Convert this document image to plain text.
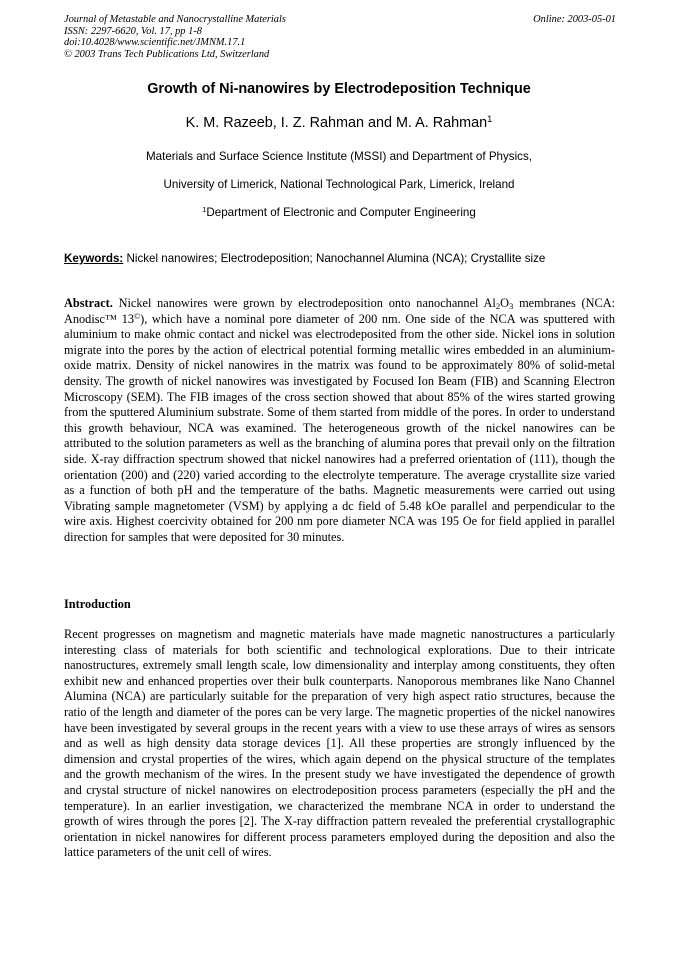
Journal of Metastable and Nanocrystalline Materials
ISSN: 2297-6620, Vol. 17, pp 1-8
doi:10.4028/www.scientific.net/JMNM.17.1
© 2003 Trans Tech Publications Ltd, Switzerland
Online: 2003-05-01
Growth of Ni-nanowires by Electrodeposition Technique
K. M. Razeeb, I. Z. Rahman and M. A. Rahman$^1$
Materials and Surface Science Institute (MSSI) and Department of Physics,
University of Limerick, National Technological Park, Limerick, Ireland
$^1$Department of Electronic and Computer Engineering
Keywords: Nickel nanowires; Electrodeposition; Nanochannel Alumina (NCA); Crystallite size
Abstract. Nickel nanowires were grown by electrodeposition onto nanochannel $Al_2O_3$ membranes (NCA: Anodisc™ 13©), which have a nominal pore diameter of 200 nm. One side of the NCA was sputtered with aluminium to make ohmic contact and nickel was electrodeposited from the other side. Nickel ions in solution migrate into the pores by the action of electrical potential forming metallic wires embedded in an aluminium-oxide matrix. Density of nickel nanowires in the matrix was found to be approximately 80% of solid-metal density. The growth of nickel nanowires was investigated by Focused Ion Beam (FIB) and Scanning Electron Microscopy (SEM). The FIB images of the cross section showed that about 85% of the wires started growing from the sputtered Aluminium substrate. Some of them started from middle of the pores. In order to understand this growth behaviour, NCA was examined. The heterogeneous growth of the nickel nanowires can be attributed to the solution parameters as well as the branching of alumina pores that prevail only on the filtration side. X-ray diffraction spectrum showed that nickel nanowires had a preferred orientation of (111), though the orientation (200) and (220) varied according to the electrolyte temperature. The average crystallite size varied as a function of both pH and the temperature of the baths. Magnetic measurements were carried out using Vibrating sample magnetometer (VSM) by applying a dc field of 5.48 kOe parallel and perpendicular to the wire axis. Highest coercivity obtained for 200 nm pore diameter NCA was 195 Oe for field applied in parallel direction for samples that were deposited for 30 minutes.
Introduction
Recent progresses on magnetism and magnetic materials have made magnetic nanostructures a particularly interesting class of materials for both scientific and technological explorations. Due to their intricate nanostructures, extremely small length scale, low dimensionality and interplay among constituents, they often exhibit new and enhanced properties over their bulk counterparts. Nanoporous membranes like Nano Channel Alumina (NCA) are particularly suitable for the preparation of very high aspect ratio structures, because the ratio of the length and diameter of the pores can be very large. The magnetic properties of the nickel nanowires have been investigated by several groups in the recent years with a view to use these arrays of wires as sensors and as well as high density data storage devices [1]. All these properties are strongly influenced by the dimension and crystal properties of the wires, which again depend on the physical structure of the templates and the growth mechanism of the wires. In the present study we have investigated the dependence of growth and crystal structure of nickel nanowires on electrodeposition process parameters (especially the pH and the temperature). In an earlier investigation, we characterized the membrane NCA in order to understand the growth of wires through the pores [2]. The X-ray diffraction pattern revealed the preferential crystallographic orientation in nickel nanowires for different process parameters employed during the deposition and also the lattice parameters of the unit cell of wires.
